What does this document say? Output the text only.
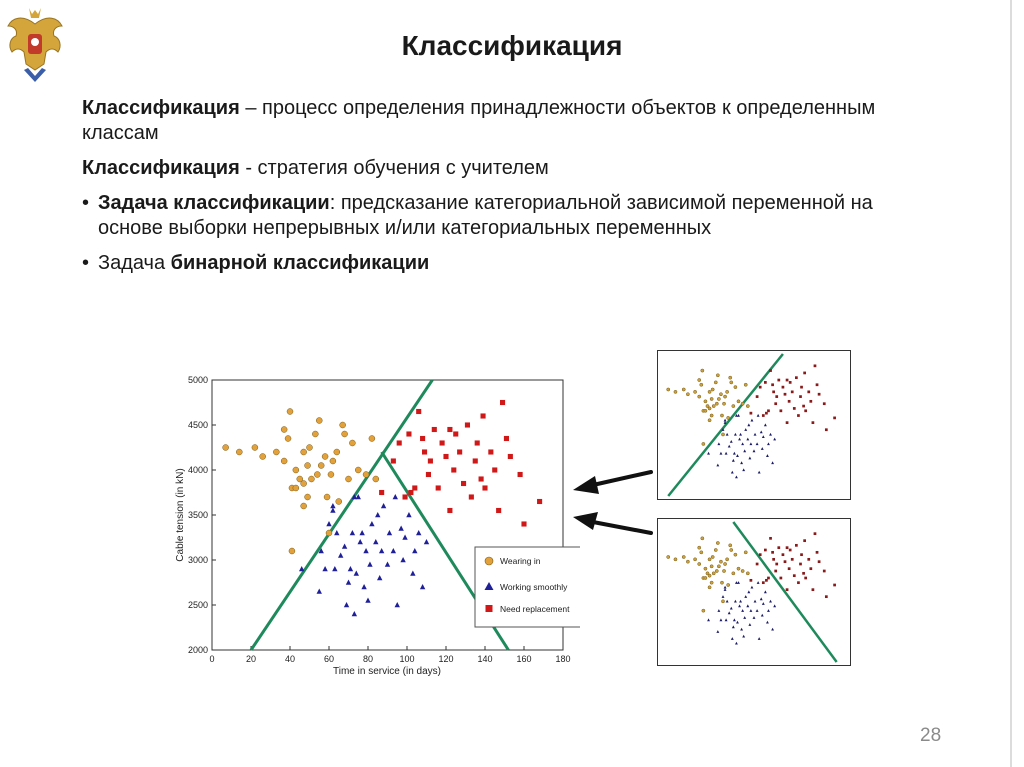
Классификация

Классификация – процесс определения принадлежности объектов к определенным классам

Классификация - стратегия обучения с учителем

• Задача классификации: предсказание категориальной зависимой переменной на основе выборки непрерывных и/или категориальных переменных

• Задача бинарной классификации

Time in service (in days)
Cable tension (in kN)
0	20	40	60	80	100	120	140	160	180
2000
2500
3000
3500
4000
4500
5000
Wearing in
Working smoothly
Need replacement
28
